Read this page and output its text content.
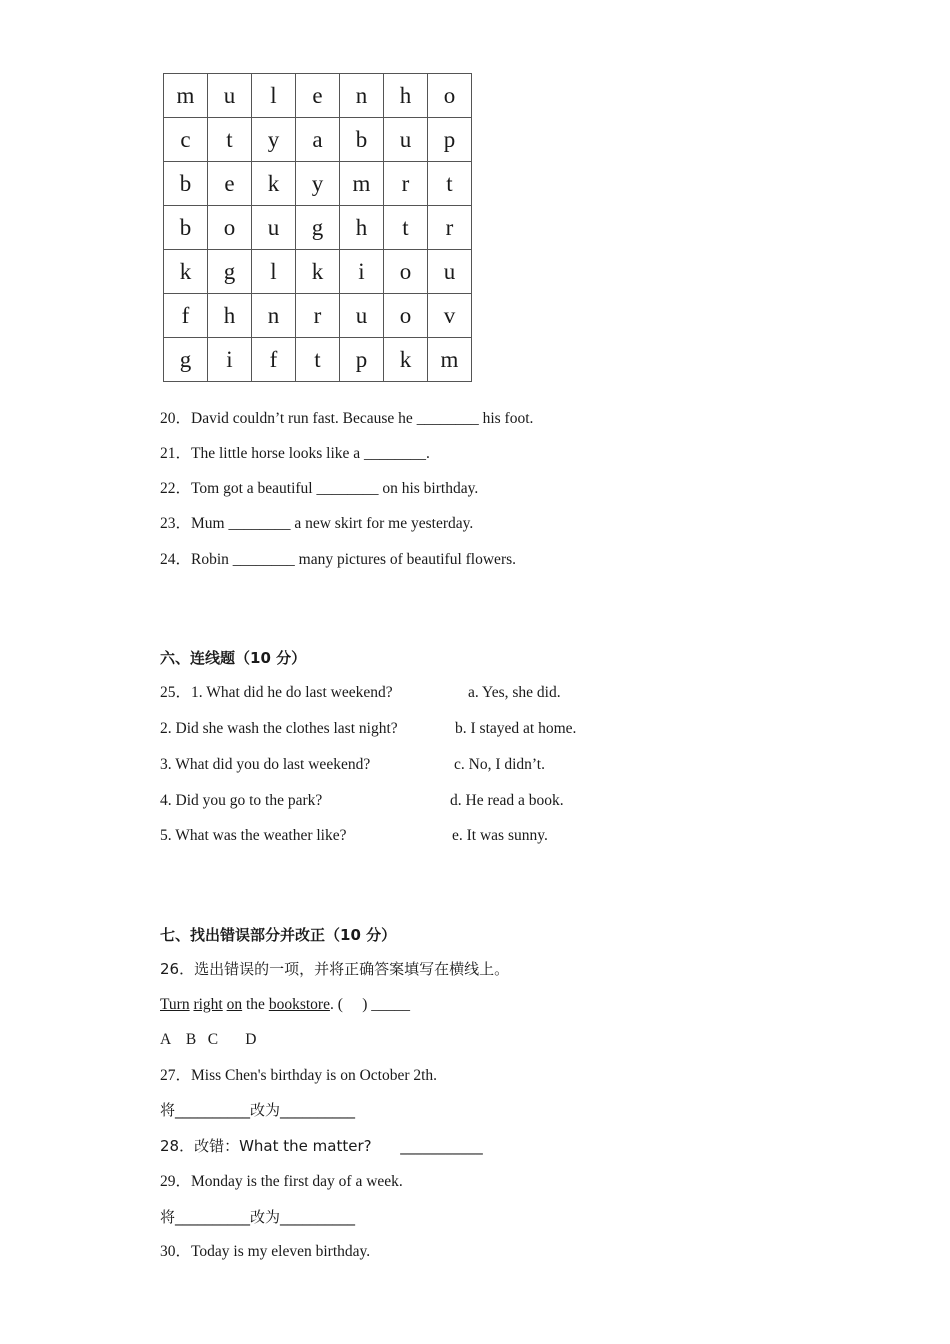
m	u	l	e	n	h	o
c	t	y	a	b	u	p
b	e	k	y	m	r	t
b	o	u	g	h	t	r
k	g	l	k	i	o	u
f	h	n	r	u	o	v
g	i	f	t	p	k	m
20．David couldn’t run fast. Because he ________ his foot.
21．The little horse looks like a ________.
22．Tom got a beautiful ________ on his birthday.
23．Mum ________ a new skirt for me yesterday.
24．Robin ________ many pictures of beautiful flowers.
六、连线题（10 分）
25．1. What did he do last weekend?	a. Yes, she did.
2. Did she wash the clothes last night?	b. I stayed at home.
3. What did you do last weekend?	c. No, I didn’t.
4. Did you go to the park?	d. He read a book.
5. What was the weather like?	e. It was sunny.
七、找出错误部分并改正（10 分）
26．选出错误的一项，并将正确答案填写在横线上。
Turn right on the bookstore. (     ) _____
A    B   C       D
27．Miss Chen's birthday is on October 2th.
将__________改为__________
28．改错：What the matter? ___________
29．Monday is the first day of a week.
将__________改为__________
30．Today is my eleven birthday.
